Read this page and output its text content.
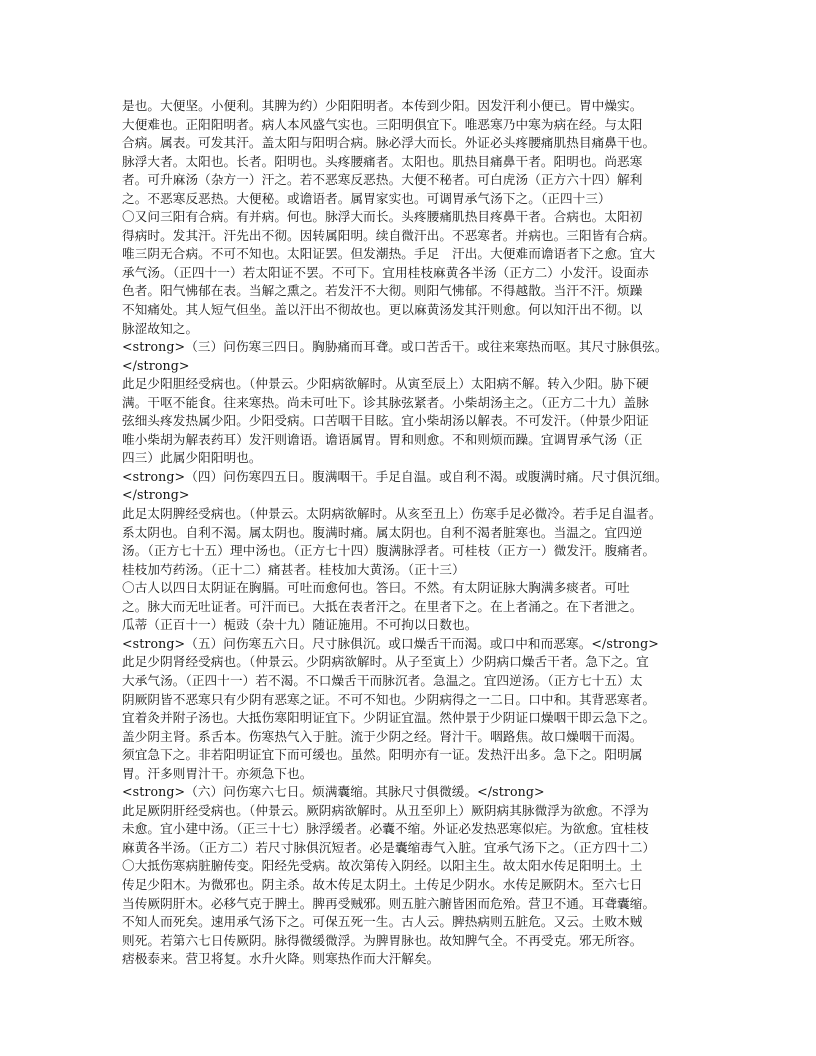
是也。大便坚。小便利。其脾为约）少阳阳明者。本传到少阳。因发汗利小便已。胃中燥实。
大便难也。正阳阳明者。病人本风盛气实也。三阳明俱宜下。唯恶寒乃中寒为病在经。与太阳
合病。属表。可发其汗。盖太阳与阳明合病。脉必浮大而长。外证必头疼腰痛肌热目痛鼻干也。
脉浮大者。太阳也。长者。阳明也。头疼腰痛者。太阳也。肌热目痛鼻干者。阳明也。尚恶寒
者。可升麻汤（杂方一）汗之。若不恶寒反恶热。大便不秘者。可白虎汤（正方六十四）解利
之。不恶寒反恶热。大便秘。或谵语者。属胃家实也。可调胃承气汤下之。（正四十三）
〇又问三阳有合病。有并病。何也。脉浮大而长。头疼腰痛肌热目疼鼻干者。合病也。太阳初
得病时。发其汗。汗先出不彻。因转属阳明。续自微汗出。不恶寒者。并病也。三阳皆有合病。
唯三阴无合病。不可不知也。太阳证罢。但发潮热。手足　汗出。大便难而谵语者下之愈。宜大
承气汤。（正四十一）若太阳证不罢。不可下。宜用桂枝麻黄各半汤（正方二）小发汗。设面赤
色者。阳气怫郁在表。当解之熏之。若发汗不大彻。则阳气怫郁。不得越散。当汗不汗。烦躁
不知痛处。其人短气但坐。盖以汗出不彻故也。更以麻黄汤发其汗则愈。何以知汗出不彻。以
脉涩故知之。
<strong>（三）问伤寒三四日。胸胁痛而耳聋。或口苦舌干。或往来寒热而呕。其尺寸脉俱弦。
</strong>
此足少阳胆经受病也。（仲景云。少阳病欲解时。从寅至辰上）太阳病不解。转入少阳。胁下硬
满。干呕不能食。往来寒热。尚未可吐下。诊其脉弦紧者。小柴胡汤主之。（正方二十九）盖脉
弦细头疼发热属少阳。少阳受病。口苦咽干目眩。宜小柴胡汤以解表。不可发汗。（仲景少阳证
唯小柴胡为解表药耳）发汗则谵语。谵语属胃。胃和则愈。不和则烦而躁。宜调胃承气汤（正
四三）此属少阳阳明也。
<strong>（四）问伤寒四五日。腹满咽干。手足自温。或自利不渴。或腹满时痛。尺寸俱沉细。
</strong>
此足太阴脾经受病也。（仲景云。太阴病欲解时。从亥至丑上）伤寒手足必微冷。若手足自温者。
系太阴也。自利不渴。属太阴也。腹满时痛。属太阴也。自利不渴者脏寒也。当温之。宜四逆
汤。（正方七十五）理中汤也。（正方七十四）腹满脉浮者。可桂枝（正方一）微发汗。腹痛者。
桂枝加芍药汤。（正十二）痛甚者。桂枝加大黄汤。（正十三）
〇古人以四日太阴证在胸膈。可吐而愈何也。答曰。不然。有太阴证脉大胸满多痰者。可吐
之。脉大而无吐证者。可汗而已。大抵在表者汗之。在里者下之。在上者涌之。在下者泄之。
瓜蒂（正百十一）栀豉（杂十九）随证施用。不可拘以日数也。
<strong>（五）问伤寒五六日。尺寸脉俱沉。或口燥舌干而渴。或口中和而恶寒。</strong>
此足少阴肾经受病也。（仲景云。少阴病欲解时。从子至寅上）少阴病口燥舌干者。急下之。宜
大承气汤。（正四十一）若不渴。不口燥舌干而脉沉者。急温之。宜四逆汤。（正方七十五）太
阴厥阴皆不恶寒只有少阴有恶寒之证。不可不知也。少阴病得之一二日。口中和。其背恶寒者。
宜着灸并附子汤也。大抵伤寒阳明证宜下。少阴证宜温。然仲景于少阴证口燥咽干即云急下之。
盖少阴主肾。系舌本。伤寒热气入于脏。流于少阴之经。肾汁干。咽路焦。故口燥咽干而渴。
须宜急下之。非若阳明证宜下而可缓也。虽然。阳明亦有一证。发热汗出多。急下之。阳明属
胃。汗多则胃汁干。亦须急下也。
<strong>（六）问伤寒六七日。烦满囊缩。其脉尺寸俱微缓。</strong>
此足厥阴肝经受病也。（仲景云。厥阴病欲解时。从丑至卯上）厥阴病其脉微浮为欲愈。不浮为
未愈。宜小建中汤。（正三十七）脉浮缓者。必囊不缩。外证必发热恶寒似疟。为欲愈。宜桂枝
麻黄各半汤。（正方二）若尺寸脉俱沉短者。必是囊缩毒气入脏。宜承气汤下之。（正方四十二）
〇大抵伤寒病脏腑传变。阳经先受病。故次第传入阴经。以阳主生。故太阳水传足阳明土。土
传足少阳木。为微邪也。阴主杀。故木传足太阴土。土传足少阴水。水传足厥阴木。至六七日
当传厥阴肝木。必移气克于脾土。脾再受贼邪。则五脏六腑皆困而危殆。营卫不通。耳聋囊缩。
不知人而死矣。速用承气汤下之。可保五死一生。古人云。脾热病则五脏危。又云。土败木贼
则死。若第六七日传厥阴。脉得微缓微浮。为脾胃脉也。故知脾气全。不再受克。邪无所容。
痞极泰来。营卫将复。水升火降。则寒热作而大汗解矣。
